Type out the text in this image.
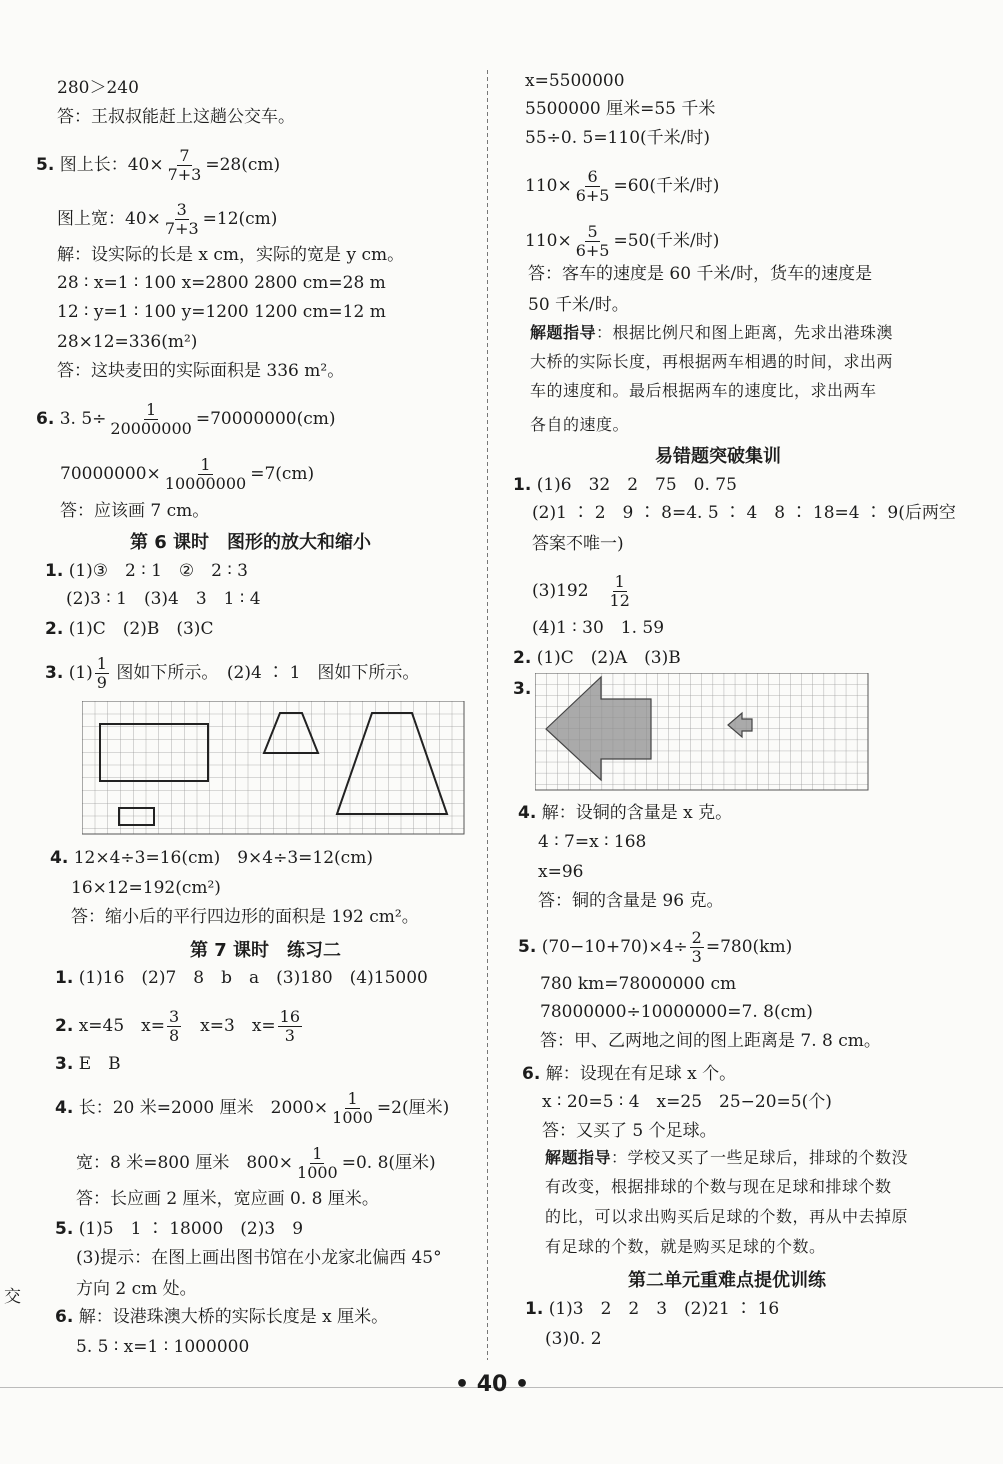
280＞240
答：王叔叔能赶上这趟公交车。
5. 图上长：$40\times \frac{7}{7+3} =28(cm)$
图上宽：$40\times \frac{3}{7+3} =12(cm)$
解：设实际的长是 x cm，实际的宽是 y cm。
28 ∶ x=1 ∶ 100 x=2800 2800 cm=28 m
12 ∶ y=1 ∶ 100 y=1200 1200 cm=12 m
28×12=336(m²)
答：这块麦田的实际面积是 336 m²。
6. 3. $5\div \frac{1}{20000000} =70000000(cm)$
$70000000\times \frac{1}{10000000} =7(cm)$
答：应该画 7 cm。
第 6 课时　图形的放大和缩小
1. (1)③　2 ∶ 1　②　2 ∶ 3
(2)3 ∶ 1　(3)4　3　1 ∶ 4
2. (1)C　(2)B　(3)C
3. $(1) \frac{1}{9}$ 图如下所示。　(2)4 ∶ 1　图如下所示。
4. 12×4÷3=16(cm)　9×4÷3=12(cm)
16×12=192(cm²)
答：缩小后的平行四边形的面积是 192 cm²。
第 7 课时　练习二
1. (1)16　(2)7　8　b　a　(3)180　(4)15000
2. x=45　$x= \frac{3}{8}$ 　x=3　$x= \frac{16}{3}$
3. E　B
4. 长：20 米=2000 厘米　$2000\times \frac{1}{1000} =2$(厘米)
宽：8 米=800 厘米　$800\times \frac{1}{1000} =0$. 8(厘米)
答：长应画 2 厘米，宽应画 0. 8 厘米。
5. (1)5　1 ∶ 18000　(2)3　9
(3)提示：在图上画出图书馆在小龙家北偏西 45°
方向 2 cm 处。
6. 解：设港珠澳大桥的实际长度是 x 厘米。
5. 5 ∶ x=1 ∶ 1000000
交
x=5500000
5500000 厘米=55 千米
55÷0. 5=110(千米/时)
$110\times \frac{6}{6+5} =60$(千米/时)
$110\times \frac{5}{6+5} =50$(千米/时)
答：客车的速度是 60 千米/时，货车的速度是
50 千米/时。
解题指导：根据比例尺和图上距离，先求出港珠澳
大桥的实际长度，再根据两车相遇的时间，求出两
车的速度和。最后根据两车的速度比，求出两车
各自的速度。
易错题突破集训
1. (1)6　32　2　75　0. 75
(2)1 ∶ 2　9 ∶ 8=4. 5 ∶ 4　8 ∶ 18=4 ∶ 9(后两空
答案不唯一)
(3)192　 $\frac{1}{12}$
(4)1 ∶ 30　1. 59
2. (1)C　(2)A　(3)B
3.
4. 解：设铜的含量是 x 克。
4 ∶ 7=x ∶ 168
x=96
答：铜的含量是 96 克。
5. $(70-10+70)\times 4\div \frac{2}{3} =780(km)$
780 km=78000000 cm
78000000÷10000000=7. 8(cm)
答：甲、乙两地之间的图上距离是 7. 8 cm。
6. 解：设现在有足球 x 个。
x ∶ 20=5 ∶ 4　x=25　25−20=5(个)
答：又买了 5 个足球。
解题指导：学校又买了一些足球后，排球的个数没
有改变，根据排球的个数与现在足球和排球个数
的比，可以求出购买后足球的个数，再从中去掉原
有足球的个数，就是购买足球的个数。
第二单元重难点提优训练
1. (1)3　2　2　3　(2)21 ∶ 16
(3)0. 2
• 40 •
